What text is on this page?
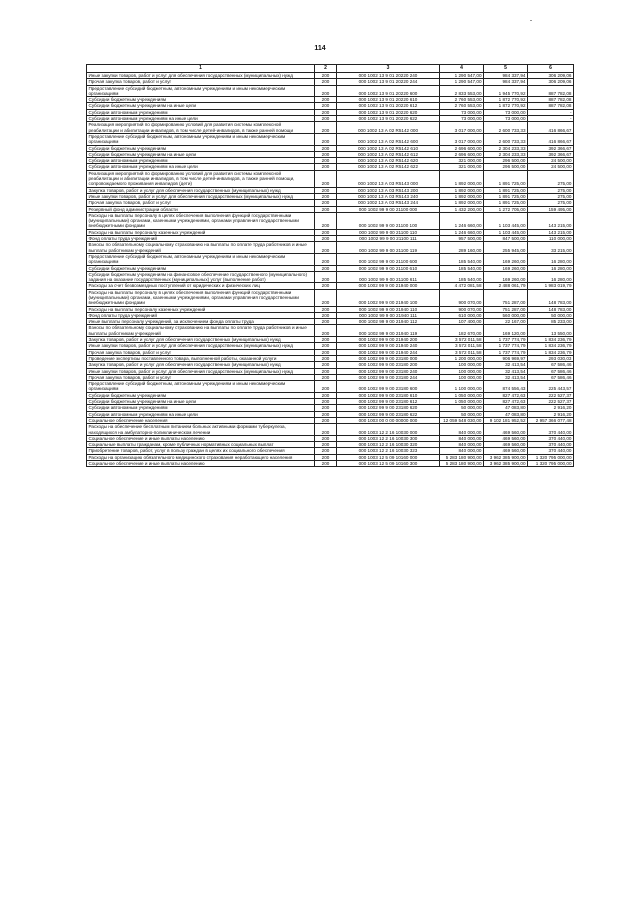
114
1	2	3	4	5	6
Иные закупки товаров, работ и услуг для обеспечения государственных (муниципальных) нужд	200	000 1002 13 9 01 20220 240	1 290 547,00	984 337,94	306 209,06
Прочая закупка товаров, работ и услуг	200	000 1002 13 9 01 20220 244	1 290 547,00	984 337,94	306 209,06
Предоставление субсидий бюджетным, автономным учреждениям и иным некоммерческим организациям	200	000 1002 13 9 01 20220 600	2 833 553,00	1 945 770,92	887 782,08
Субсидии бюджетным учреждениям	200	000 1002 13 9 01 20220 610	2 760 553,00	1 872 770,92	887 782,08
Субсидии бюджетным учреждениям на иные цели	200	000 1002 13 9 01 20220 612	2 760 553,00	1 872 770,92	887 782,08
Субсидии автономным учреждениям	200	000 1002 13 9 01 20220 620	73 000,00	73 000,00	-
Субсидии автономным учреждениям на иные цели	200	000 1002 13 9 01 20220 622	73 000,00	73 000,00	-
Реализация мероприятий по формированию условий для развития системы комплексной реабилитации и абилитации инвалидов, в том числе детей-инвалидов, в также ранней помощи	200	000 1002 13 А 02 R5142 000	3 017 000,00	2 600 733,33	416 866,67
Предоставление субсидий бюджетным, автономным учреждениям и иным некоммерческим организациям	200	000 1002 13 А 02 R5142 600	3 017 000,00	2 600 733,33	416 866,67
Субсидии бюджетным учреждениям	200	000 1002 13 А 02 R5142 610	2 696 600,00	2 304 233,33	392 366,67
Субсидии бюджетным учреждениям на иные цели	200	000 1002 13 А 02 R5142 612	2 696 600,00	2 304 233,33	392 366,67
Субсидии автономным учреждениям	200	000 1002 13 А 02 R5142 620	321 000,00	296 500,00	24 500,00
Субсидии автономным учреждениям на иные цели	200	000 1002 13 А 02 R5142 622	321 000,00	296 500,00	24 500,00
Реализация мероприятий по формированию условий для развития системы комплексной реабилитации и абилитации инвалидов, в том числе детей-инвалидов, а также ранней помощи, сопровождаемого проживания инвалидов (дети)	200	000 1002 13 А 03 R5143 000	1 892 000,00	1 891 725,00	275,00
Закупка товаров, работ и услуг для обеспечения государственных (муниципальных) нужд	200	000 1002 13 А 03 R5143 200	1 892 000,00	1 891 725,00	275,00
Иные закупки товаров, работ и услуг для обеспечения государственных (муниципальных) нужд	200	000 1002 13 А 03 R5143 240	1 892 000,00	1 891 725,00	275,00
Прочая закупка товаров, работ и услуг	200	000 1002 13 А 03 R5143 244	1 892 000,00	1 891 725,00	275,00
Резервный фонд администрации области	200	000 1002 99 9 00 21100 000	1 432 200,00	1 272 705,00	159 495,00
Расходы на выплаты персоналу в целях обеспечения выполнения функций государственными (муниципальными) органами, казенными учреждениями, органами управления государственными внебюджетными фондами	200	000 1002 99 9 00 21100 100	1 246 660,00	1 103 445,00	143 215,00
Расходы на выплаты персоналу казенных учреждений	200	000 1002 99 9 00 21100 110	1 246 660,00	1 103 445,00	143 215,00
Фонд оплаты труда учреждений	200	000 1002 99 9 00 21100 111	957 500,00	847 500,00	110 000,00
Взносы по обязательному социальному страхованию на выплаты по оплате труда работников и иные выплаты работникам учреждений	200	000 1002 99 9 00 21100 119	289 160,00	255 945,00	33 215,00
Предоставление субсидий бюджетным, автономным учреждениям и иным некоммерческим организациям	200	000 1002 99 9 00 21100 600	185 540,00	169 260,00	16 280,00
Субсидии бюджетным учреждениям	200	000 1002 99 9 00 21100 610	185 540,00	169 260,00	16 280,00
Субсидии бюджетным учреждениям на финансовое обеспечение государственного (муниципального) задания на оказание государственных (муниципальных) услуг (выполнение работ)	200	000 1002 99 9 00 21100 611	185 540,00	169 260,00	16 280,00
Расходы за счет безвозмездных поступлений от юридических и физических лиц	200	000 1002 99 9 00 21940 000	4 472 081,58	2 488 061,79	1 983 019,79
Расходы на выплаты персоналу в целях обеспечения выполнения функций государственными (муниципальными) органами, казенными учреждениями, органами управления государственными внебюджетными фондами	200	000 1002 99 9 00 21940 100	900 070,00	751 287,00	148 783,00
Расходы на выплаты персоналу казенных учреждений	200	000 1002 99 9 00 21940 110	900 070,00	751 287,00	148 783,00
Фонд оплаты труда учреждений	200	000 1002 99 9 00 21940 111	610 000,00	560 000,00	50 000,00
Иные выплаты персоналу учреждений, за исключением фонда оплаты труда	200	000 1002 99 9 00 21940 112	107 400,00	22 167,00	85 233,00
Взносы по обязательному социальному страхованию на выплаты по оплате труда работников и иные выплаты работникам учреждений	200	000 1002 99 9 00 21940 119	182 670,00	169 120,00	13 550,00
Закупка товаров, работ и услуг для обеспечения государственных (муниципальных) нужд	200	000 1002 99 9 00 21940 200	3 572 011,58	1 737 774,79	1 834 236,79
Иные закупки товаров, работ и услуг для обеспечения государственных (муниципальных) нужд	200	000 1002 99 9 00 21940 240	3 572 011,58	1 737 774,79	1 834 236,79
Прочая закупка товаров, работ и услуг	200	000 1002 99 9 00 21940 244	3 572 011,58	1 737 774,79	1 834 236,79
Проведение экспертизы поставленного товара, выполненной работы, оказанной услуги	200	000 1002 99 9 00 23180 000	1 200 000,00	906 969,97	293 030,03
Закупка товаров, работ и услуг для обеспечения государственных (муниципальных) нужд	200	000 1002 99 9 00 23180 200	100 000,00	32 413,54	67 586,46
Иные закупки товаров, работ и услуг для обеспечения государственных (муниципальных) нужд	200	000 1002 99 9 00 23180 240	100 000,00	32 413,54	67 586,46
Прочая закупка товаров, работ и услуг	200	000 1002 99 9 00 23180 244	100 000,00	32 413,54	67 586,46
Предоставление субсидий бюджетным, автономным учреждениям и иным некоммерческим организациям	200	000 1002 99 9 00 23180 600	1 100 000,00	874 556,43	225 443,57
Субсидии бюджетным учреждениям	200	000 1002 99 9 00 23180 610	1 050 000,00	827 472,63	222 527,37
Субсидии бюджетным учреждениям на иные цели	200	000 1002 99 9 00 23180 612	1 050 000,00	827 472,63	222 527,37
Субсидии автономным учреждениям	200	000 1002 99 9 00 23180 620	50 000,00	47 083,80	2 916,20
Субсидии автономным учреждениям на иные цели	200	000 1002 99 9 00 23180 622	50 000,00	47 083,80	2 916,20
Социальное обеспечение населения	200	000 1003 00 0 00 00000 000	12 059 548 030,00	9 102 181 952,52	2 957 366 077,48
Расходы на обеспечение бесплатным питанием больных активными формами туберкулеза, находящихся на амбулаторно-поликлиническом лечении	200	000 1003 12 2 16 10030 000	840 000,00	469 560,00	370 440,00
Социальное обеспечение и иные выплаты населению	200	000 1003 12 2 16 10030 300	840 000,00	469 560,00	370 440,00
Социальные выплаты гражданам, кроме публичных нормативных социальных выплат	200	000 1003 12 2 16 10030 320	840 000,00	469 560,00	370 440,00
Приобретение товаров, работ, услуг в пользу граждан в целях их социального обеспечения	200	000 1003 12 2 16 10030 323	840 000,00	469 560,00	370 440,00
Расходы на организацию обязательного медицинского страхования неработающего населения	200	000 1003 12 5 09 10160 000	5 283 180 900,00	3 962 385 900,00	1 320 795 000,00
Социальное обеспечение и иные выплаты населению	200	000 1003 12 5 09 10160 300	5 283 180 900,00	3 962 385 900,00	1 320 795 000,00
